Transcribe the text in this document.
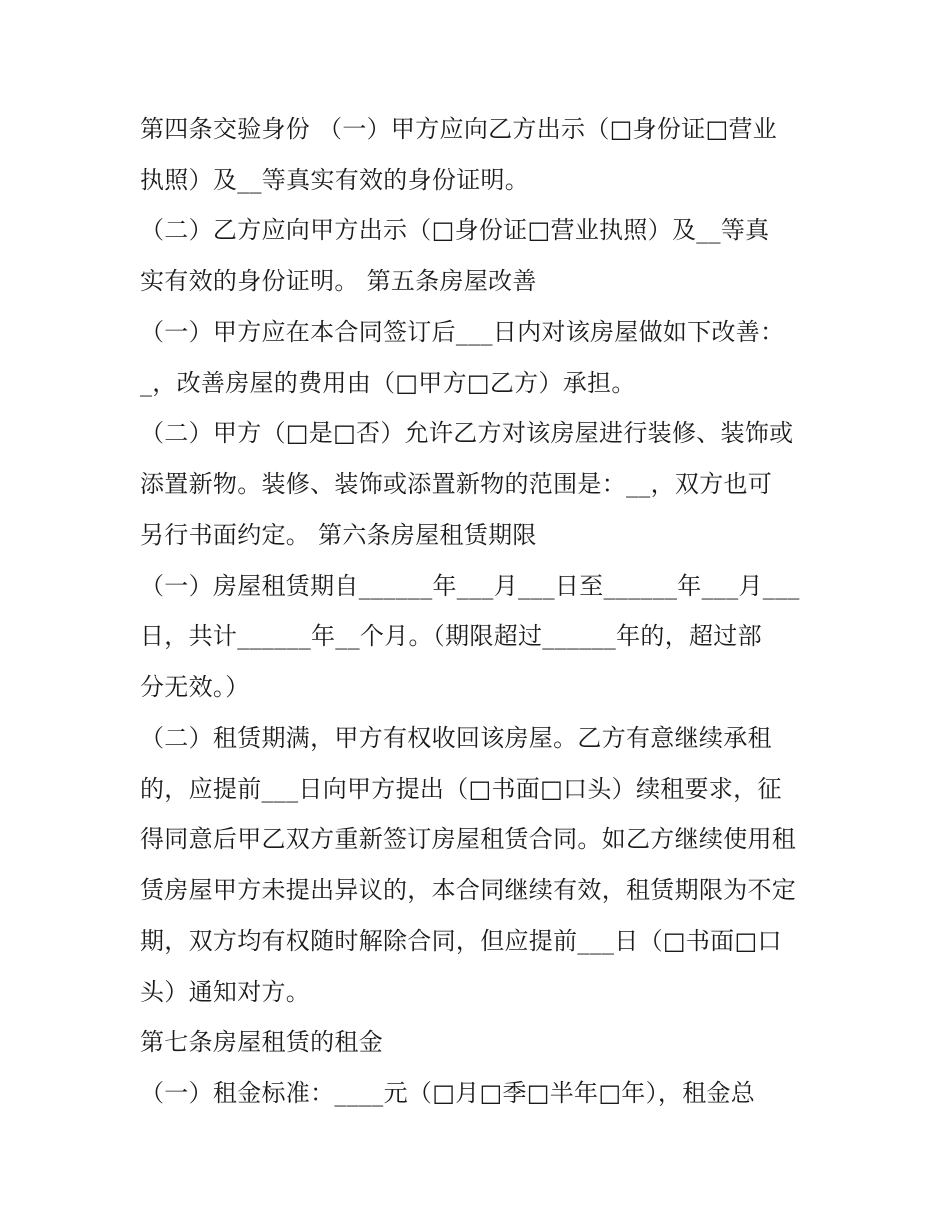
第四条交验身份 （一）甲方应向乙方出示（□身份证□营业
执照）及__等真实有效的身份证明。
（二）乙方应向甲方出示（□身份证□营业执照）及__等真
实有效的身份证明。 第五条房屋改善
（一）甲方应在本合同签订后___日内对该房屋做如下改善：
_，改善房屋的费用由（□甲方□乙方）承担。
（二）甲方（□是□否）允许乙方对该房屋进行装修、装饰或
添置新物。装修、装饰或添置新物的范围是：__，双方也可
另行书面约定。 第六条房屋租赁期限
（一）房屋租赁期自______年___月___日至______年___月___
日，共计______年__个月。（期限超过______年的，超过部
分无效。）
（二）租赁期满，甲方有权收回该房屋。乙方有意继续承租
的，应提前___日向甲方提出（□书面□口头）续租要求，征
得同意后甲乙双方重新签订房屋租赁合同。如乙方继续使用租
赁房屋甲方未提出异议的，本合同继续有效，租赁期限为不定
期，双方均有权随时解除合同，但应提前___日（□书面□口
头）通知对方。
第七条房屋租赁的租金
（一）租金标准：____元（□月□季□半年□年），租金总
